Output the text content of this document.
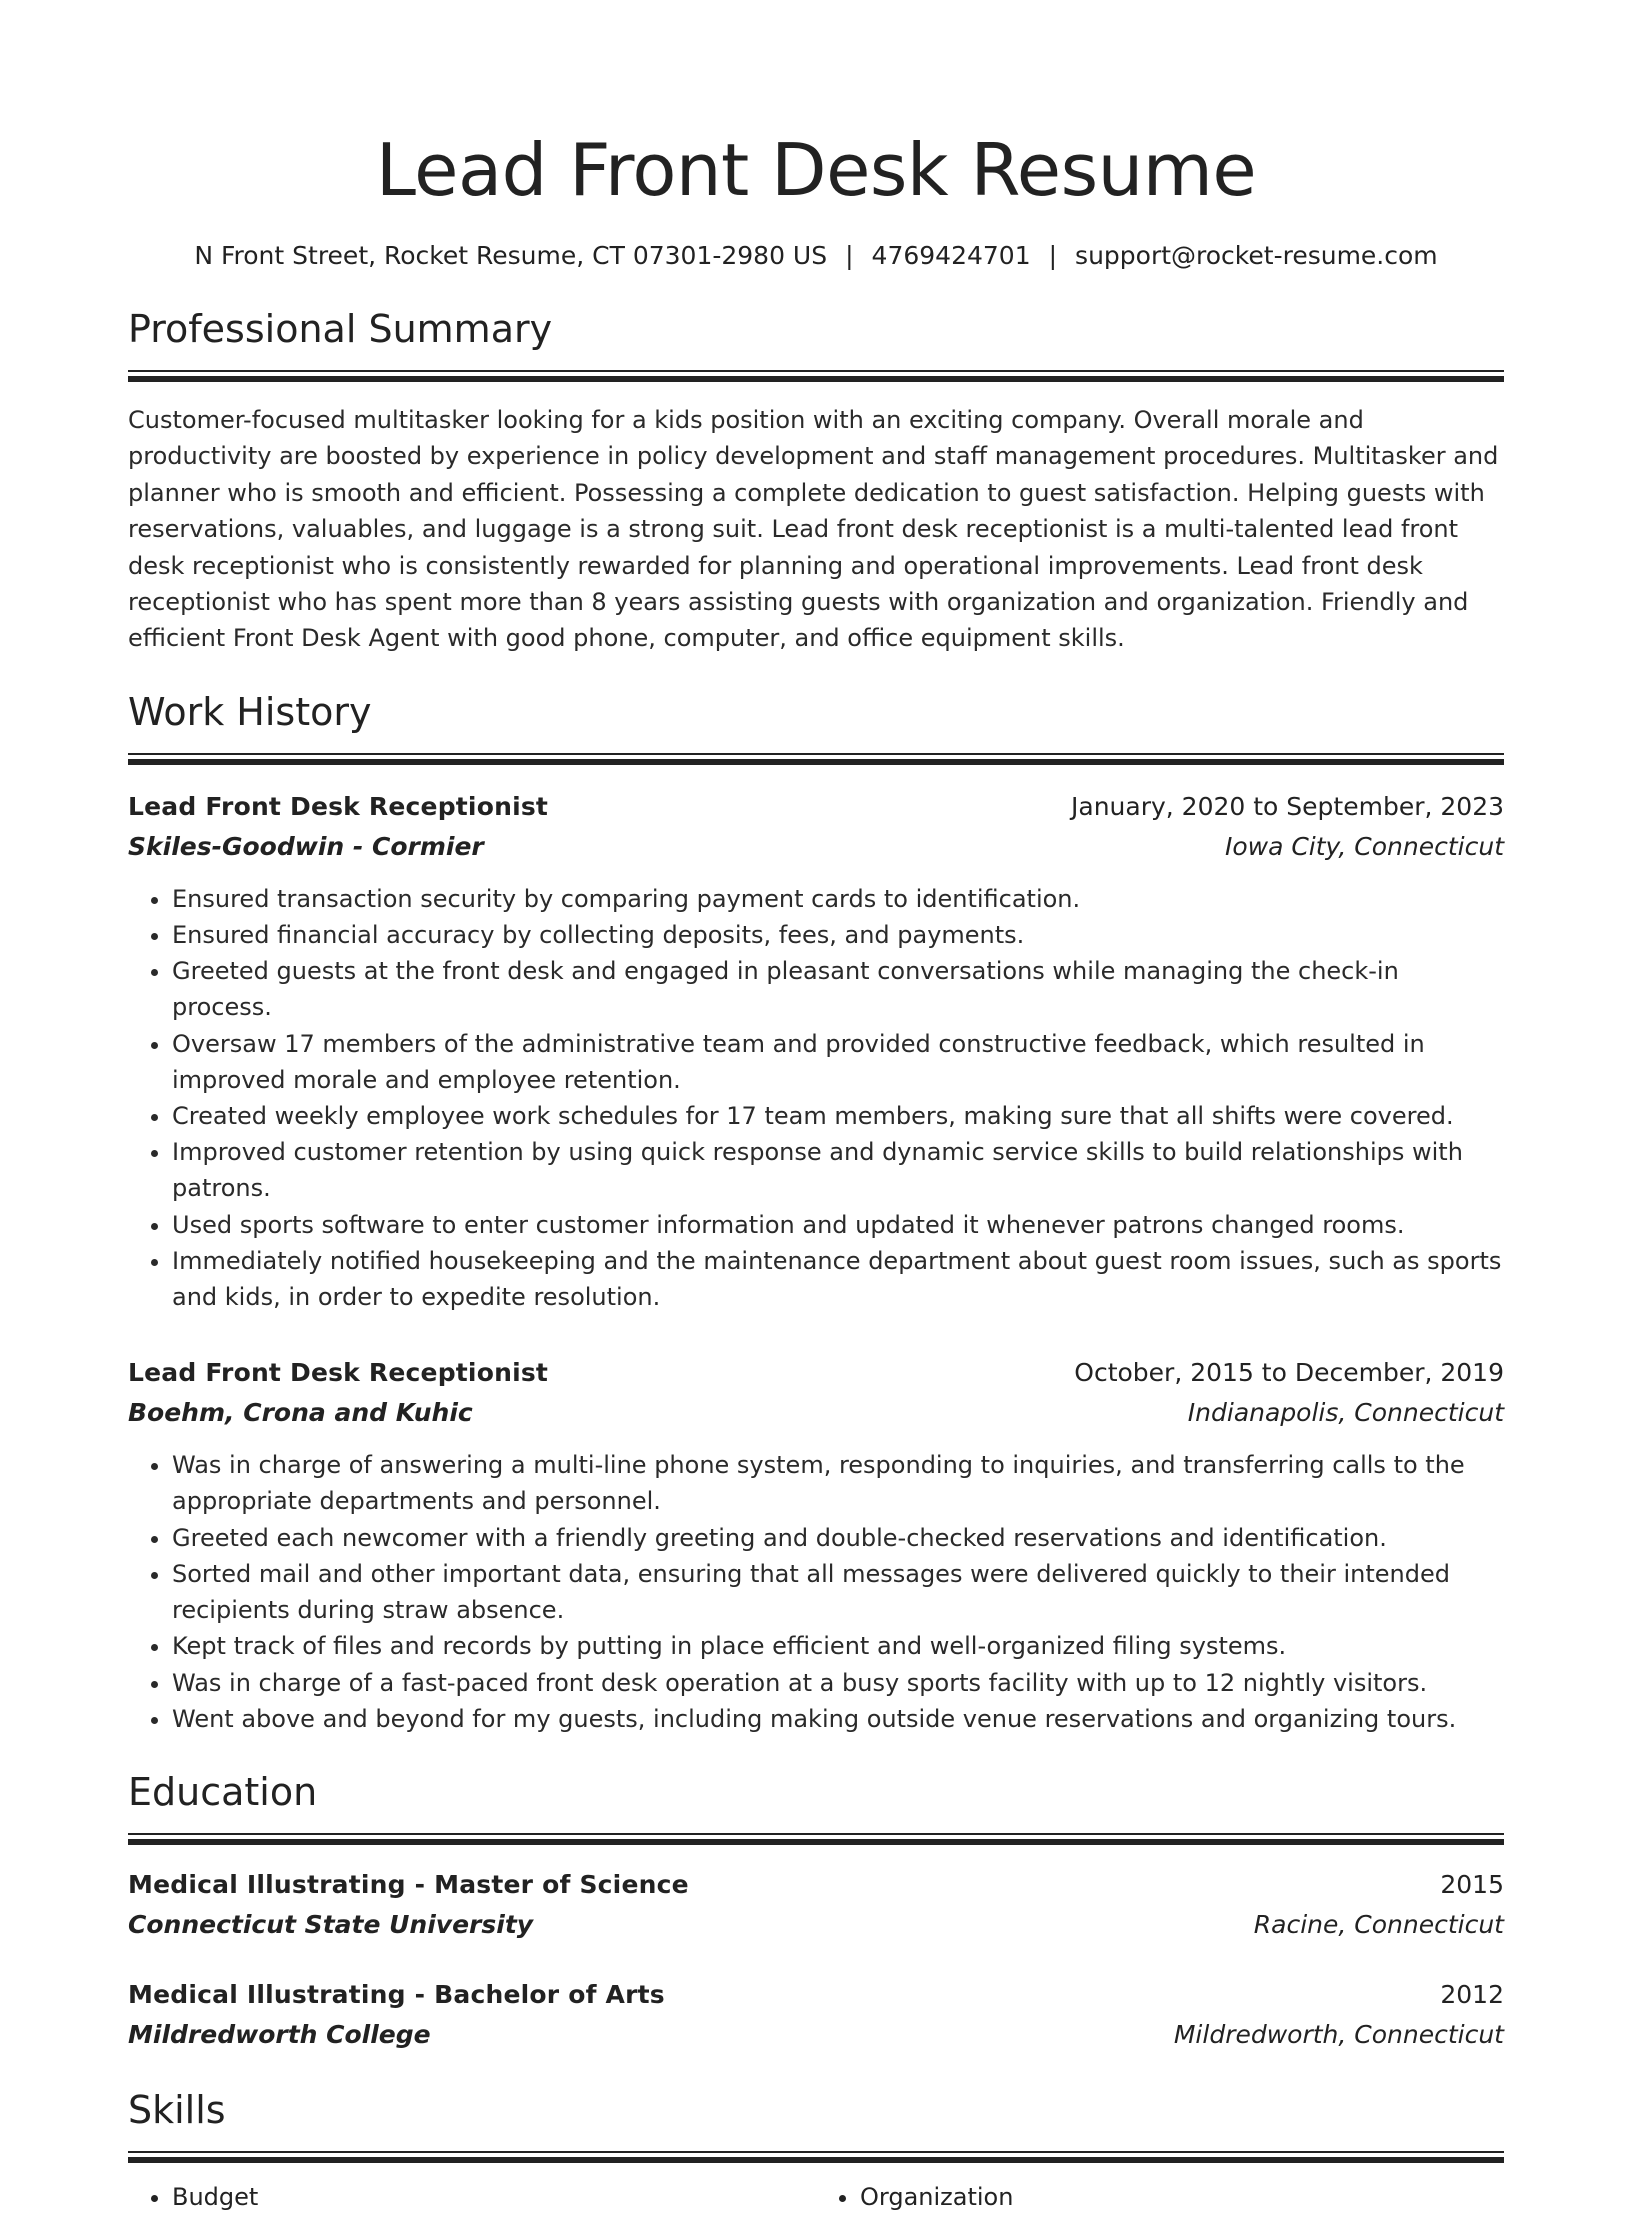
Lead Front Desk Resume
N Front Street, Rocket Resume, CT 07301-2980 US | 4769424701 | support@rocket-resume.com
Professional Summary
Customer-focused multitasker looking for a kids position with an exciting company. Overall morale and productivity are boosted by experience in policy development and staff management procedures. Multitasker and planner who is smooth and efficient. Possessing a complete dedication to guest satisfaction. Helping guests with reservations, valuables, and luggage is a strong suit. Lead front desk receptionist is a multi-talented lead front desk receptionist who is consistently rewarded for planning and operational improvements. Lead front desk receptionist who has spent more than 8 years assisting guests with organization and organization. Friendly and efficient Front Desk Agent with good phone, computer, and office equipment skills.
Work History
Lead Front Desk Receptionist	January, 2020 to September, 2023
Skiles-Goodwin - Cormier	Iowa City, Connecticut
• Ensured transaction security by comparing payment cards to identification.
• Ensured financial accuracy by collecting deposits, fees, and payments.
• Greeted guests at the front desk and engaged in pleasant conversations while managing the check-in process.
• Oversaw 17 members of the administrative team and provided constructive feedback, which resulted in improved morale and employee retention.
• Created weekly employee work schedules for 17 team members, making sure that all shifts were covered.
• Improved customer retention by using quick response and dynamic service skills to build relationships with patrons.
• Used sports software to enter customer information and updated it whenever patrons changed rooms.
• Immediately notified housekeeping and the maintenance department about guest room issues, such as sports and kids, in order to expedite resolution.
Lead Front Desk Receptionist	October, 2015 to December, 2019
Boehm, Crona and Kuhic	Indianapolis, Connecticut
• Was in charge of answering a multi-line phone system, responding to inquiries, and transferring calls to the appropriate departments and personnel.
• Greeted each newcomer with a friendly greeting and double-checked reservations and identification.
• Sorted mail and other important data, ensuring that all messages were delivered quickly to their intended recipients during straw absence.
• Kept track of files and records by putting in place efficient and well-organized filing systems.
• Was in charge of a fast-paced front desk operation at a busy sports facility with up to 12 nightly visitors.
• Went above and beyond for my guests, including making outside venue reservations and organizing tours.
Education
Medical Illustrating - Master of Science	2015
Connecticut State University	Racine, Connecticut
Medical Illustrating - Bachelor of Arts	2012
Mildredworth College	Mildredworth, Connecticut
Skills
• Budget
•	Organization
